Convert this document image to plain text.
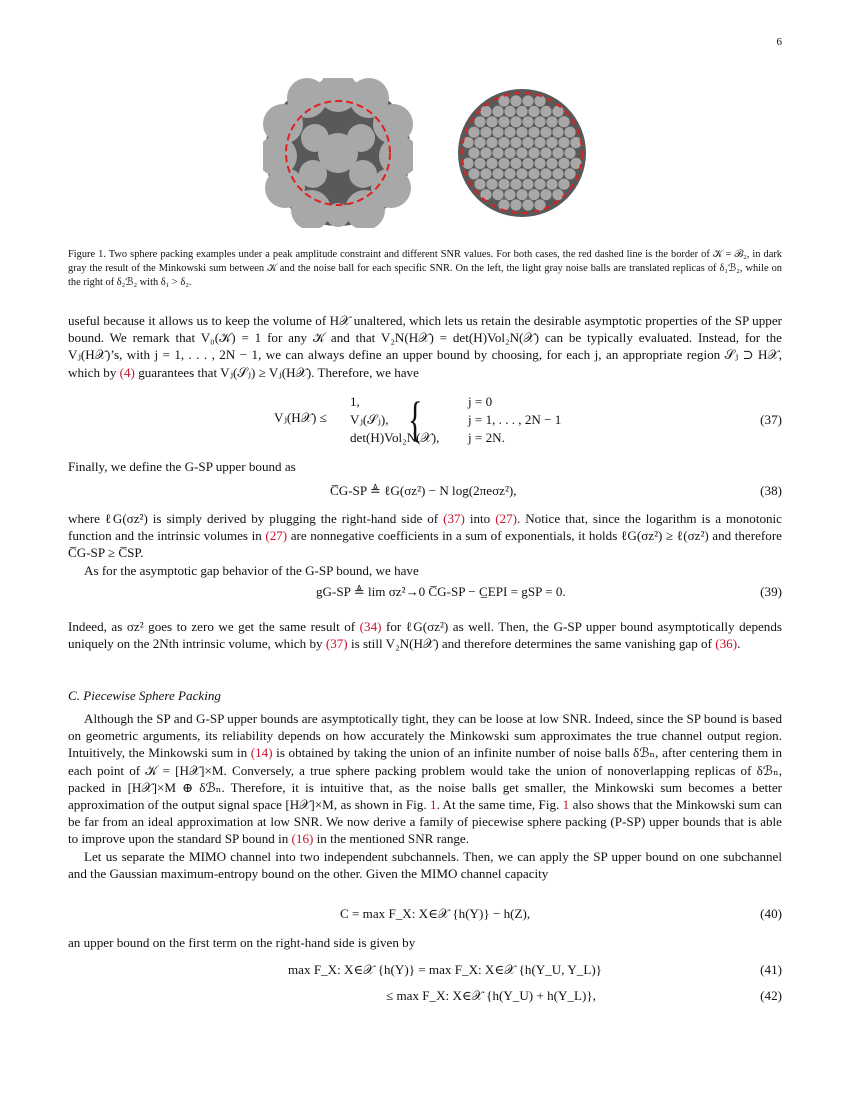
6
Figure 1. Two sphere packing examples under a peak amplitude constraint and different SNR values. For both cases, the red dashed line is the border of 𝒦 = ℬ₂, in dark gray the result of the Minkowski sum between 𝒦 and the noise ball for each specific SNR. On the left, the light gray noise balls are translated replicas of δ₁ℬ₂, while on the right of δ₂ℬ₂ with δ₁ > δ₂.

useful because it allows us to keep the volume of H𝒳 unaltered, which lets us retain the desirable asymptotic properties of the SP upper bound. We remark that V₀(𝒦) = 1 for any 𝒦 and that V₂N(H𝒳) = det(H)Vol₂N(𝒳) can be typically evaluated. Instead, for the Vⱼ(H𝒳)’s, with j = 1, . . . , 2N − 1, we can always define an upper bound by choosing, for each j, an appropriate region 𝒮ⱼ ⊃ H𝒳, which by (4) guarantees that Vⱼ(𝒮ⱼ) ≥ Vⱼ(H𝒳). Therefore, we have

Vⱼ(H𝒳) ≤ {
1,	j = 0
Vⱼ(𝒮ⱼ),	j = 1, . . . , 2N − 1
det(H)Vol₂N(𝒳), j = 2N.
(37)

Finally, we define the G-SP upper bound as

C̅G-SP ≜ ℓG(σz²) − N log(2πeσz²),	(38)

where ℓG(σz²) is simply derived by plugging the right-hand side of (37) into (27). Notice that, since the logarithm is a monotonic function and the intrinsic volumes in (27) are nonnegative coefficients in a sum of exponentials, it holds ℓG(σz²) ≥ ℓ(σz²) and therefore C̅G-SP ≥ C̅SP.

As for the asymptotic gap behavior of the G-SP bound, we have

gG-SP ≜ lim σz²→0 C̅G-SP − C̲EPI = gSP = 0.	(39)

Indeed, as σz² goes to zero we get the same result of (34) for ℓG(σz²) as well. Then, the G-SP upper bound asymptotically depends uniquely on the 2Nth intrinsic volume, which by (37) is still V₂N(H𝒳) and therefore determines the same vanishing gap of (36).

C. Piecewise Sphere Packing

Although the SP and G-SP upper bounds are asymptotically tight, they can be loose at low SNR. Indeed, since the SP bound is based on geometric arguments, its reliability depends on how accurately the Minkowski sum approximates the true channel output region. Intuitively, the Minkowski sum in (14) is obtained by taking the union of an infinite number of noise balls δℬₙ, after centering them in each point of 𝒦 = [H𝒳]×M. Conversely, a true sphere packing problem would take the union of nonoverlapping replicas of δℬₙ, packed in [H𝒳]×M ⊕ δℬₙ. Therefore, it is intuitive that, as the noise balls get smaller, the Minkowski sum becomes a better approximation of the output signal space [H𝒳]×M, as shown in Fig. 1. At the same time, Fig. 1 also shows that the Minkowski sum can be far from an ideal approximation at low SNR. We now derive a family of piecewise sphere packing (P-SP) upper bounds that is able to improve upon the standard SP bound in (16) in the mentioned SNR range.

Let us separate the MIMO channel into two independent subchannels. Then, we can apply the SP upper bound on one subchannel and the Gaussian maximum-entropy bound on the other. Given the MIMO channel capacity

C = max F_X: X∈𝒳 {h(Y)} − h(Z),	(40)

an upper bound on the first term on the right-hand side is given by

max F_X: X∈𝒳 {h(Y)} = max F_X: X∈𝒳 {h(Y_U, Y_L)}	(41)
≤ max F_X: X∈𝒳 {h(Y_U) + h(Y_L)},	(42)
